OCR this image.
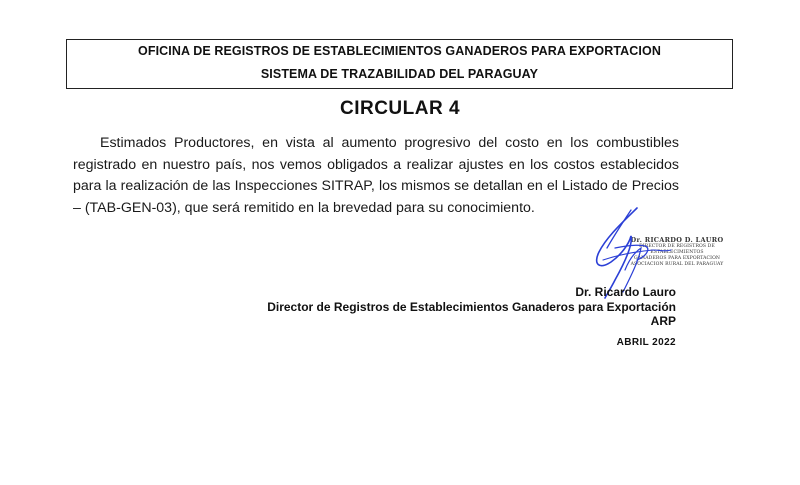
OFICINA DE REGISTROS DE ESTABLECIMIENTOS GANADEROS PARA EXPORTACION
SISTEMA DE TRAZABILIDAD DEL PARAGUAY
CIRCULAR 4
Estimados Productores, en vista al aumento progresivo del costo en los combustibles registrado en nuestro país, nos vemos obligados a realizar ajustes en los costos establecidos para la realización de las Inspecciones SITRAP, los mismos se detallan en el Listado de Precios – (TAB-GEN-03), que será remitido en la brevedad para su conocimiento.
Dr. RICARDO D. LAURO
DIRECTOR DE REGISTROS DE ESTABLECIMIENTOS
GANADEROS PARA EXPORTACION
ASOCIACION RURAL DEL PARAGUAY
Dr. Ricardo Lauro
Director de Registros de Establecimientos Ganaderos para Exportación
ARP
ABRIL 2022
